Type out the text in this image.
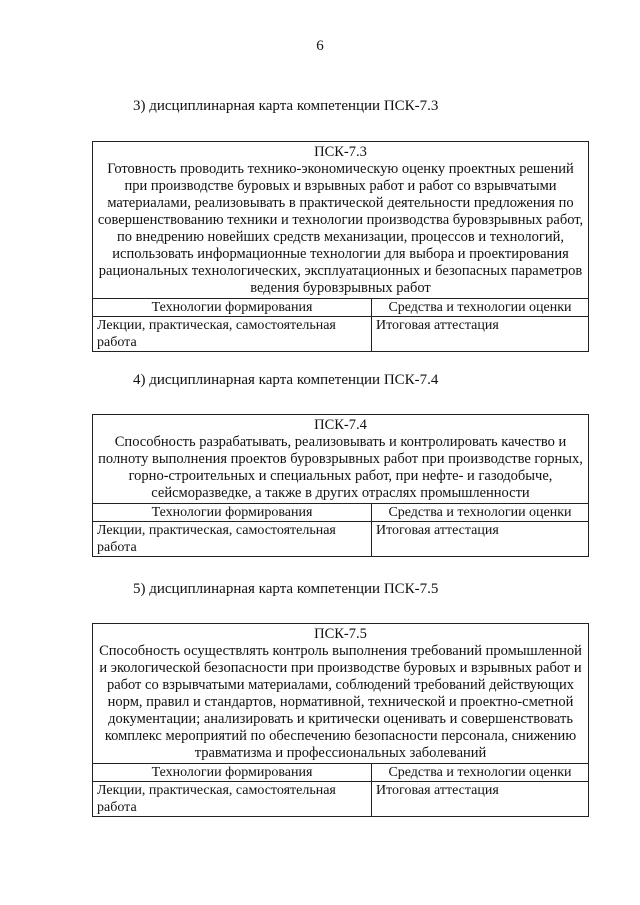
6
3) дисциплинарная карта компетенции ПСК-7.3
ПСК-7.3
Готовность проводить технико-экономическую оценку проектных решений при производстве буровых и взрывных работ и работ со взрывчатыми материалами, реализовывать в практической деятельности предложения по совершенствованию техники и технологии производства буровзрывных работ, по внедрению новейших средств механизации, процессов и технологий, использовать информационные технологии для выбора и проектирования рациональных технологических, эксплуатационных и безопасных параметров ведения буровзрывных работ
Технологии формирования	Средства и технологии оценки
Лекции, практическая, самостоятельная работа	Итоговая аттестация
4) дисциплинарная карта компетенции ПСК-7.4
ПСК-7.4
Способность разрабатывать, реализовывать и контролировать качество и полноту выполнения проектов буровзрывных работ при производстве горных, горно-строительных и специальных работ, при нефте- и газодобыче, сейсморазведке, а также в других отраслях промышленности
Технологии формирования	Средства и технологии оценки
Лекции, практическая, самостоятельная работа	Итоговая аттестация
5) дисциплинарная карта компетенции ПСК-7.5
ПСК-7.5
Способность осуществлять контроль выполнения требований промышленной и экологической безопасности при производстве буровых и взрывных работ и работ со взрывчатыми материалами, соблюдений требований действующих норм, правил и стандартов, нормативной, технической и проектно-сметной документации; анализировать и критически оценивать и совершенствовать комплекс мероприятий по обеспечению безопасности персонала, снижению травматизма и профессиональных заболеваний
Технологии формирования	Средства и технологии оценки
Лекции, практическая, самостоятельная работа	Итоговая аттестация
